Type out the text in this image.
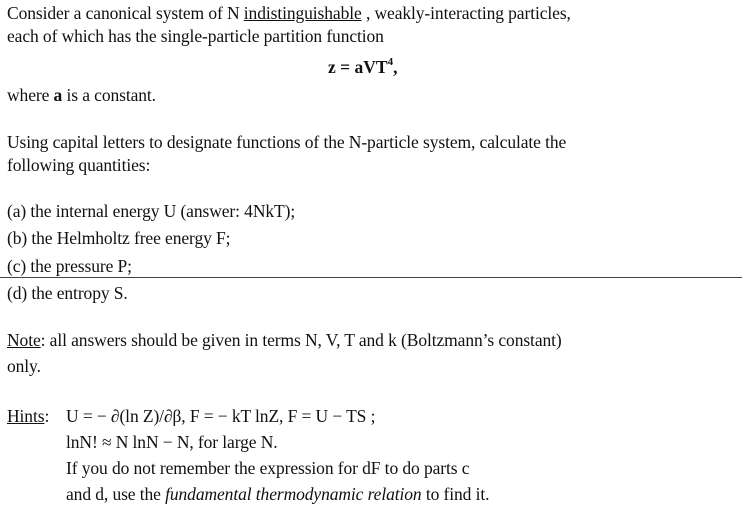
Consider a canonical system of N indistinguishable , weakly-interacting particles,
each of which has the single-particle partition function
z = aVT$^4$,
where a is a constant.
Using capital letters to designate functions of the N-particle system, calculate the
following quantities:
(a) the internal energy U (answer: 4NkT);
(b) the Helmholtz free energy F;
(c) the pressure P;
(d) the entropy S.
Note: all answers should be given in terms N, V, T and k (Boltzmann’s constant)
only.
Hints: U = − ∂(ln Z)/∂β, F = − kT lnZ, F = U − TS ;
lnN! ≈ N lnN − N, for large N.
If you do not remember the expression for dF to do parts c
and d, use the fundamental thermodynamic relation to find it.
